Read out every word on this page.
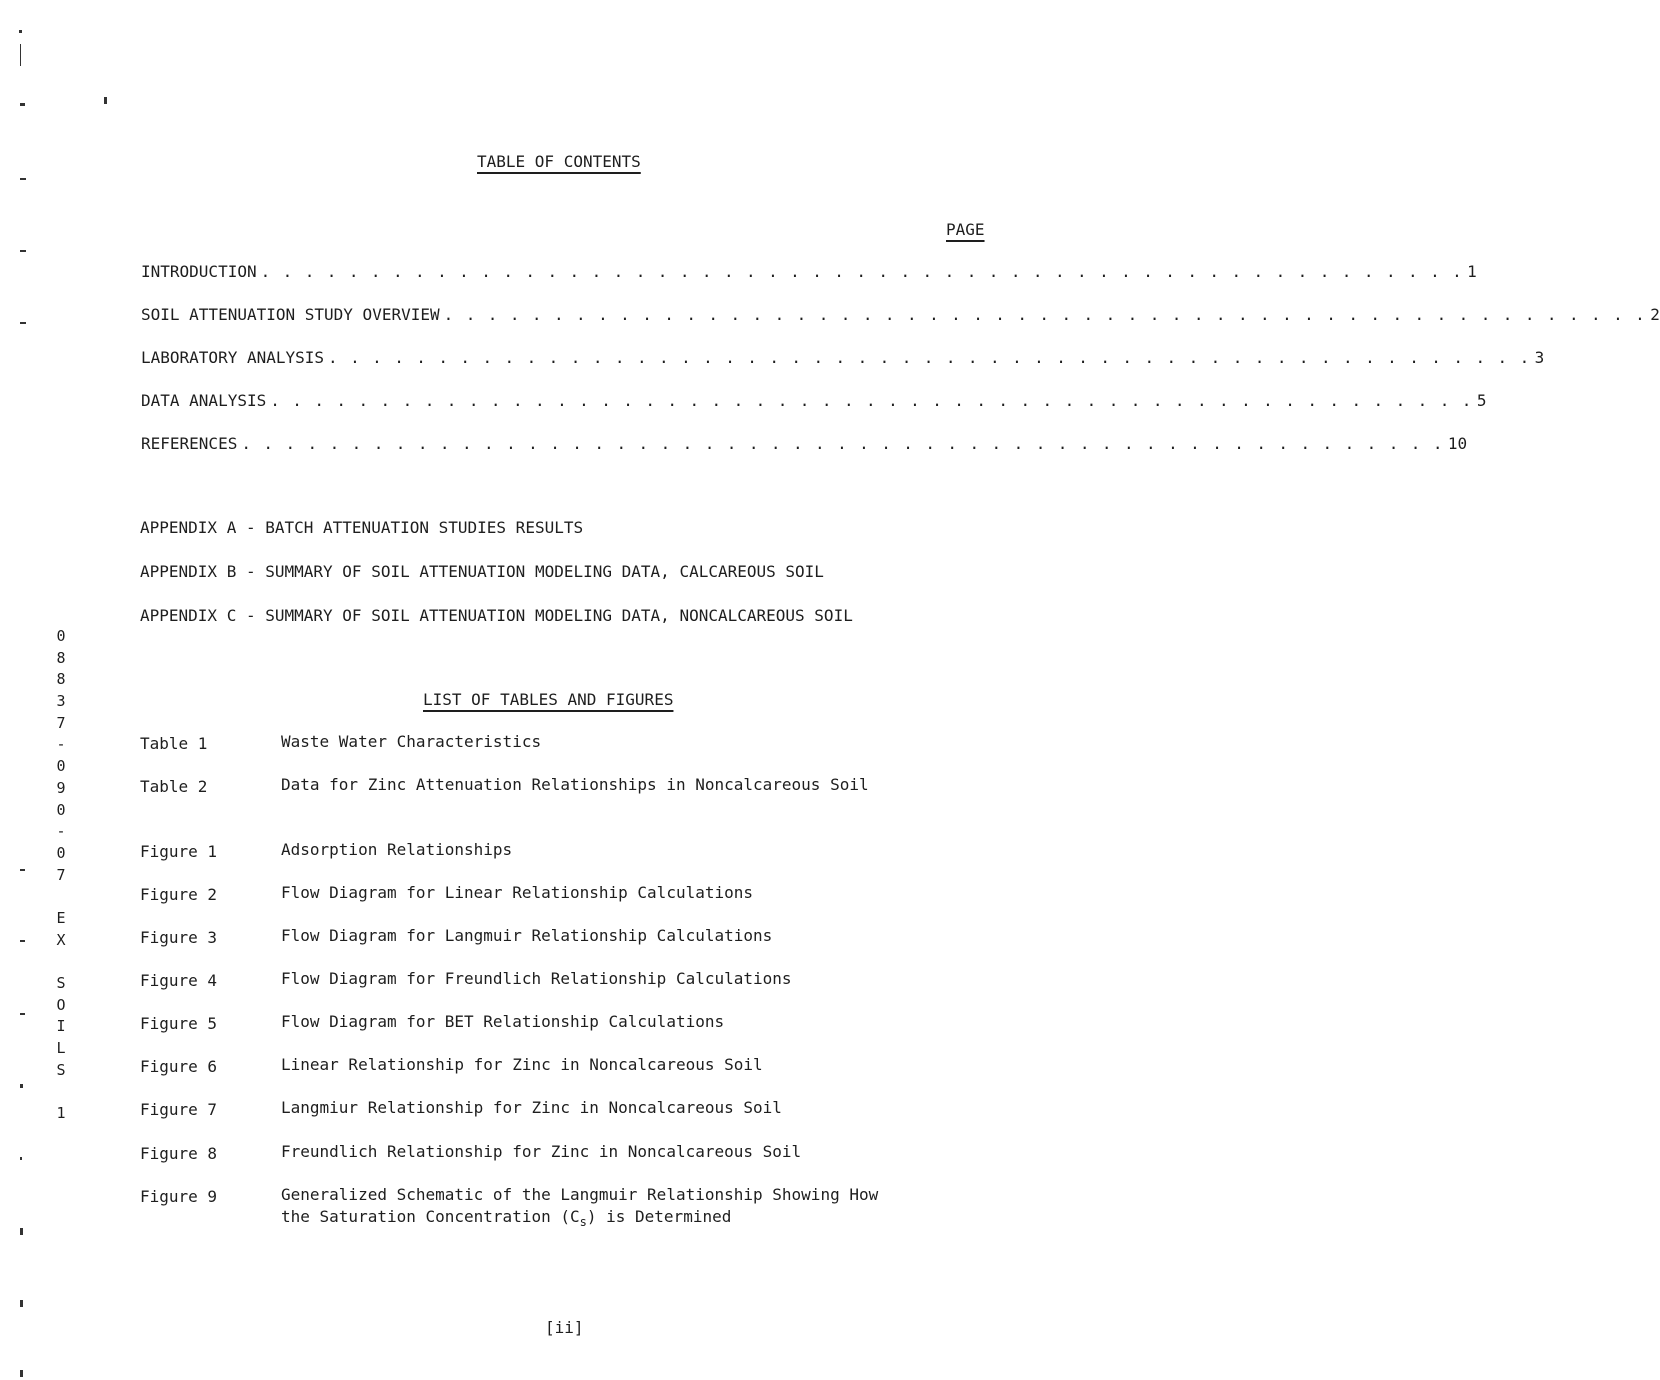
TABLE OF CONTENTS
PAGE
INTRODUCTION . . . . . . . . . . . . . . . . . . . . . . . . . . . . . . . . . . . . . . . . . . . . . . . . . . . . . . . 1
SOIL ATTENUATION STUDY OVERVIEW . . . . . . . . . . . . . . . . . . . . . . . . . . . . . . . . . . . . . . . . . . . . . . . . . . . . . . . 2
LABORATORY ANALYSIS . . . . . . . . . . . . . . . . . . . . . . . . . . . . . . . . . . . . . . . . . . . . . . . . . . . . . . . 3
DATA ANALYSIS . . . . . . . . . . . . . . . . . . . . . . . . . . . . . . . . . . . . . . . . . . . . . . . . . . . . . . . 5
REFERENCES . . . . . . . . . . . . . . . . . . . . . . . . . . . . . . . . . . . . . . . . . . . . . . . . . . . . . . . 10
APPENDIX A - BATCH ATTENUATION STUDIES RESULTS
APPENDIX B - SUMMARY OF SOIL ATTENUATION MODELING DATA, CALCAREOUS SOIL
APPENDIX C - SUMMARY OF SOIL ATTENUATION MODELING DATA, NONCALCAREOUS SOIL
LIST OF TABLES AND FIGURES
Table 1	Waste Water Characteristics
Table 2	Data for Zinc Attenuation Relationships in Noncalcareous Soil
Figure 1	Adsorption Relationships
Figure 2	Flow Diagram for Linear Relationship Calculations
Figure 3	Flow Diagram for Langmuir Relationship Calculations
Figure 4	Flow Diagram for Freundlich Relationship Calculations
Figure 5	Flow Diagram for BET Relationship Calculations
Figure 6	Linear Relationship for Zinc in Noncalcareous Soil
Figure 7	Langmiur Relationship for Zinc in Noncalcareous Soil
Figure 8	Freundlich Relationship for Zinc in Noncalcareous Soil
Figure 9	Generalized Schematic of the Langmuir Relationship Showing How
the Saturation Concentration $(C_s)$ is Determined
0
8
8
3
7
-
0
9
0
-
0
7
E
X
S
O
I
L
S
1
[ii]
